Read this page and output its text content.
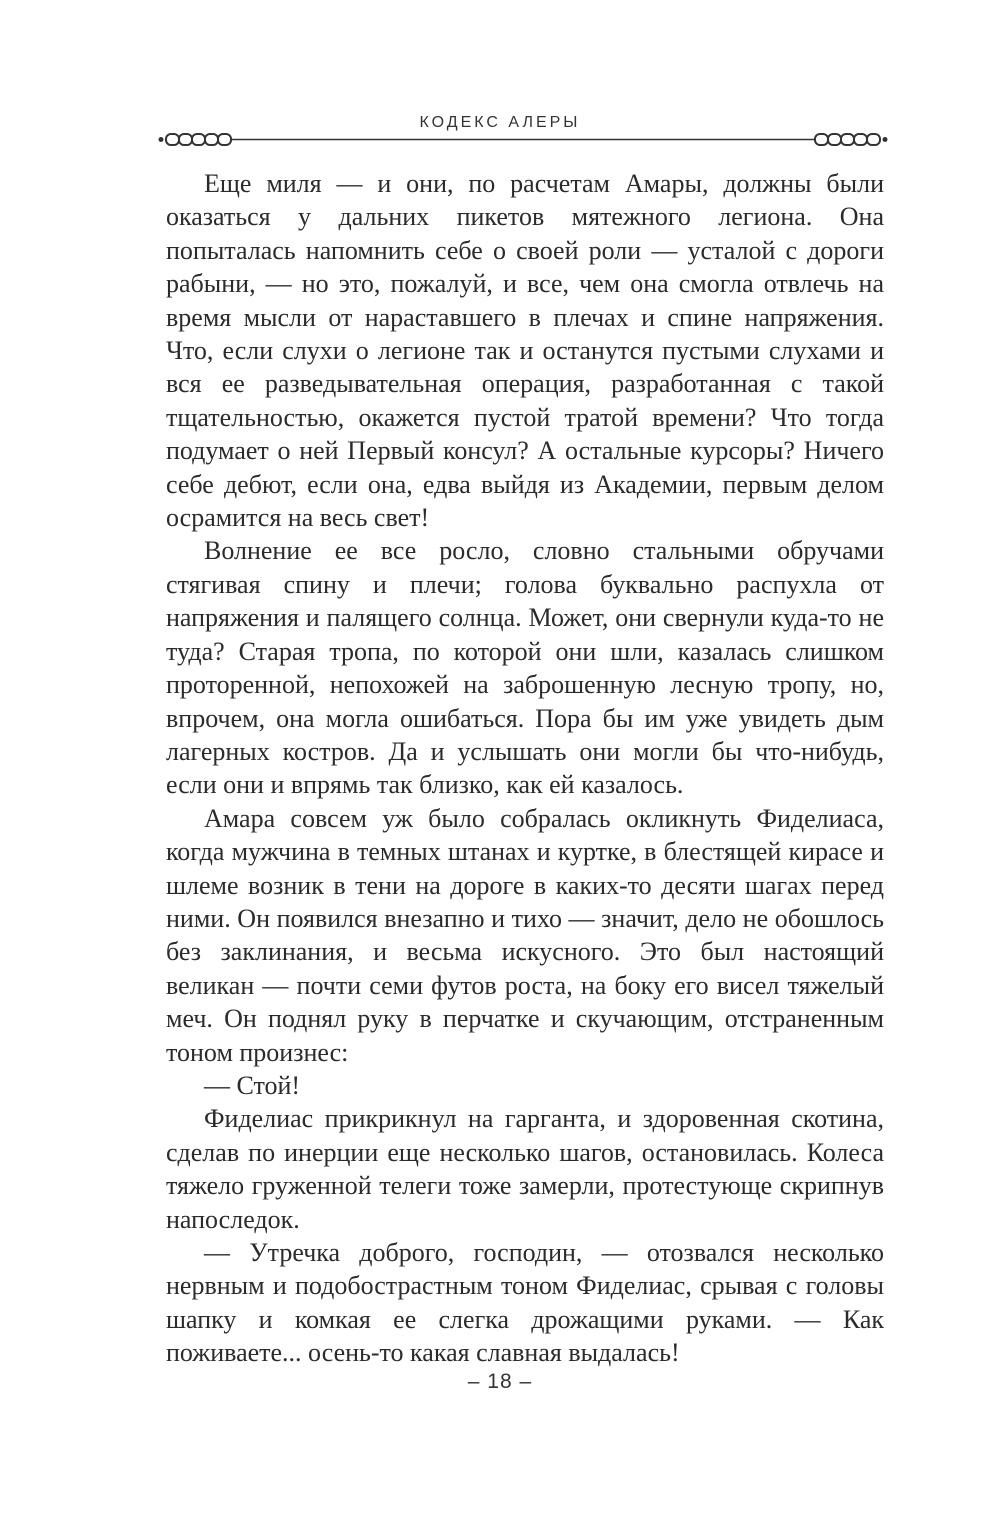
КОДЕКС АЛЕРЫ

Еще миля — и они, по расчетам Амары, должны были оказаться у дальних пикетов мятежного легиона. Она попыталась напомнить себе о своей роли — усталой с дороги рабыни, — но это, пожалуй, и все, чем она смогла отвлечь на время мысли от нараставшего в плечах и спине напряжения. Что, если слухи о легионе так и останутся пустыми слухами и вся ее разведывательная операция, разработанная с такой тщательностью, окажется пустой тратой времени? Что тогда подумает о ней Первый консул? А остальные курсоры? Ничего себе дебют, если она, едва выйдя из Академии, первым делом осрамится на весь свет!

Волнение ее все росло, словно стальными обручами стягивая спину и плечи; голова буквально распухла от напряжения и палящего солнца. Может, они свернули куда-то не туда? Старая тропа, по которой они шли, казалась слишком проторенной, непохожей на заброшенную лесную тропу, но, впрочем, она могла ошибаться. Пора бы им уже увидеть дым лагерных костров. Да и услышать они могли бы что-нибудь, если они и впрямь так близко, как ей казалось.

Амара совсем уж было собралась окликнуть Фиделиаса, когда мужчина в темных штанах и куртке, в блестящей кирасе и шлеме возник в тени на дороге в каких-то десяти шагах перед ними. Он появился внезапно и тихо — значит, дело не обошлось без заклинания, и весьма искусного. Это был настоящий великан — почти семи футов роста, на боку его висел тяжелый меч. Он поднял руку в перчатке и скучающим, отстраненным тоном произнес:

— Стой!

Фиделиас прикрикнул на гарганта, и здоровенная скотина, сделав по инерции еще несколько шагов, остановилась. Колеса тяжело груженной телеги тоже замерли, протестующе скрипнув напоследок.

— Утречка доброго, господин, — отозвался несколько нервным и подобострастным тоном Фиделиас, срывая с головы шапку и комкая ее слегка дрожащими руками. — Как поживаете... осень-то какая славная выдалась!

– 18 –
